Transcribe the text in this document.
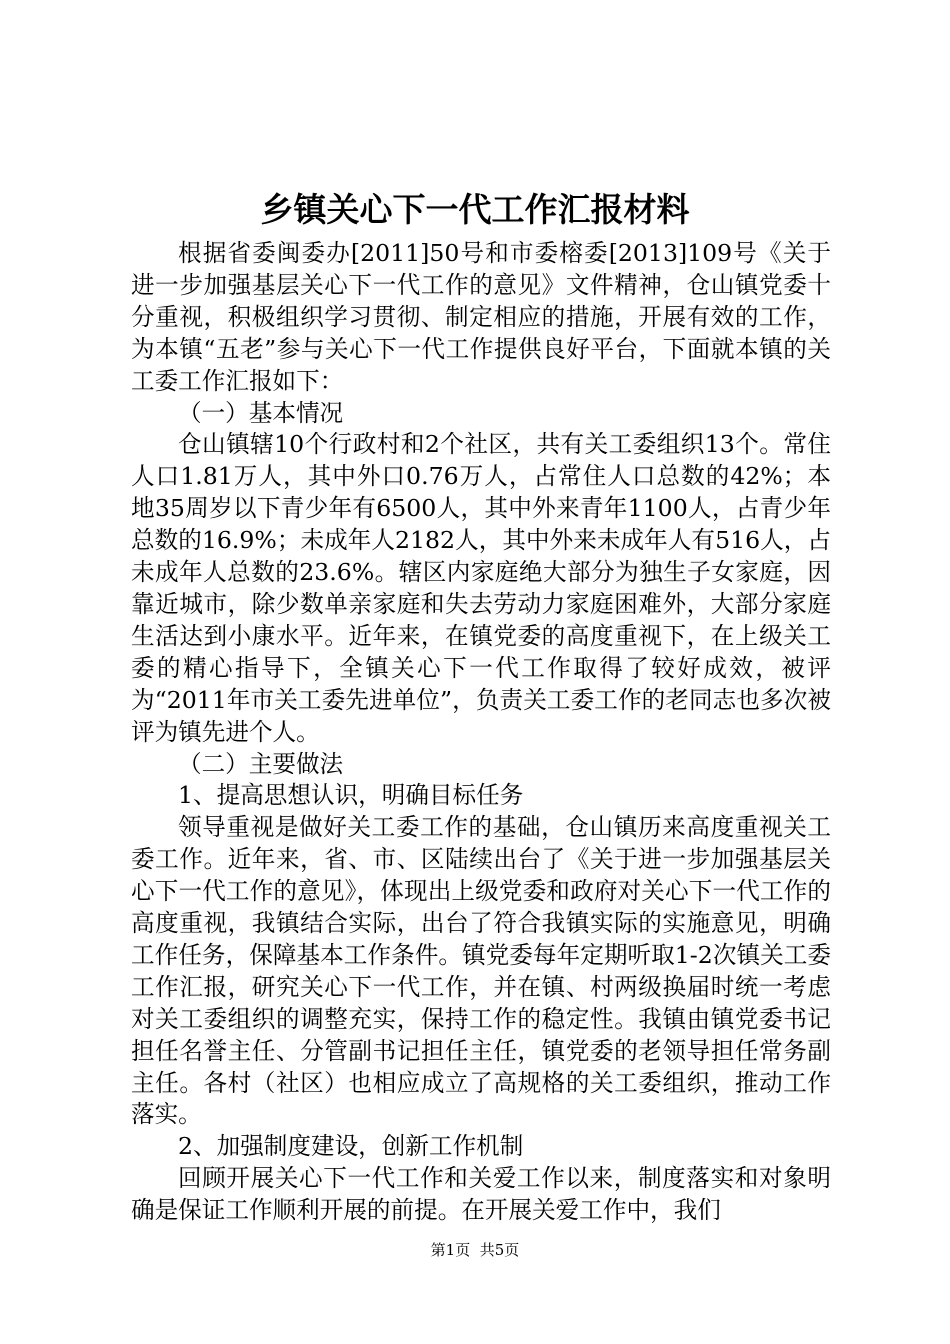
乡镇关心下一代工作汇报材料

根据省委闽委办[2011]50号和市委榕委[2013]109号《关于进一步加强基层关心下一代工作的意见》文件精神，仓山镇党委十分重视，积极组织学习贯彻、制定相应的措施，开展有效的工作，为本镇“五老”参与关心下一代工作提供良好平台，下面就本镇的关工委工作汇报如下：

（一）基本情况

仓山镇辖10个行政村和2个社区，共有关工委组织13个。常住人口1.81万人，其中外口0.76万人，占常住人口总数的42%；本地35周岁以下青少年有6500人，其中外来青年1100人，占青少年总数的16.9%；未成年人2182人，其中外来未成年人有516人，占未成年人总数的23.6%。辖区内家庭绝大部分为独生子女家庭，因靠近城市，除少数单亲家庭和失去劳动力家庭困难外，大部分家庭生活达到小康水平。近年来，在镇党委的高度重视下，在上级关工委的精心指导下，全镇关心下一代工作取得了较好成效，被评为“2011年市关工委先进单位”，负责关工委工作的老同志也多次被评为镇先进个人。

（二）主要做法

1、提高思想认识，明确目标任务

领导重视是做好关工委工作的基础，仓山镇历来高度重视关工委工作。近年来，省、市、区陆续出台了《关于进一步加强基层关心下一代工作的意见》，体现出上级党委和政府对关心下一代工作的高度重视，我镇结合实际，出台了符合我镇实际的实施意见，明确工作任务，保障基本工作条件。镇党委每年定期听取1-2次镇关工委工作汇报，研究关心下一代工作，并在镇、村两级换届时统一考虑对关工委组织的调整充实，保持工作的稳定性。我镇由镇党委书记担任名誉主任、分管副书记担任主任，镇党委的老领导担任常务副主任。各村（社区）也相应成立了高规格的关工委组织，推动工作落实。

2、加强制度建设，创新工作机制

回顾开展关心下一代工作和关爱工作以来，制度落实和对象明确是保证工作顺利开展的前提。在开展关爱工作中，我们

第1页 共5页
